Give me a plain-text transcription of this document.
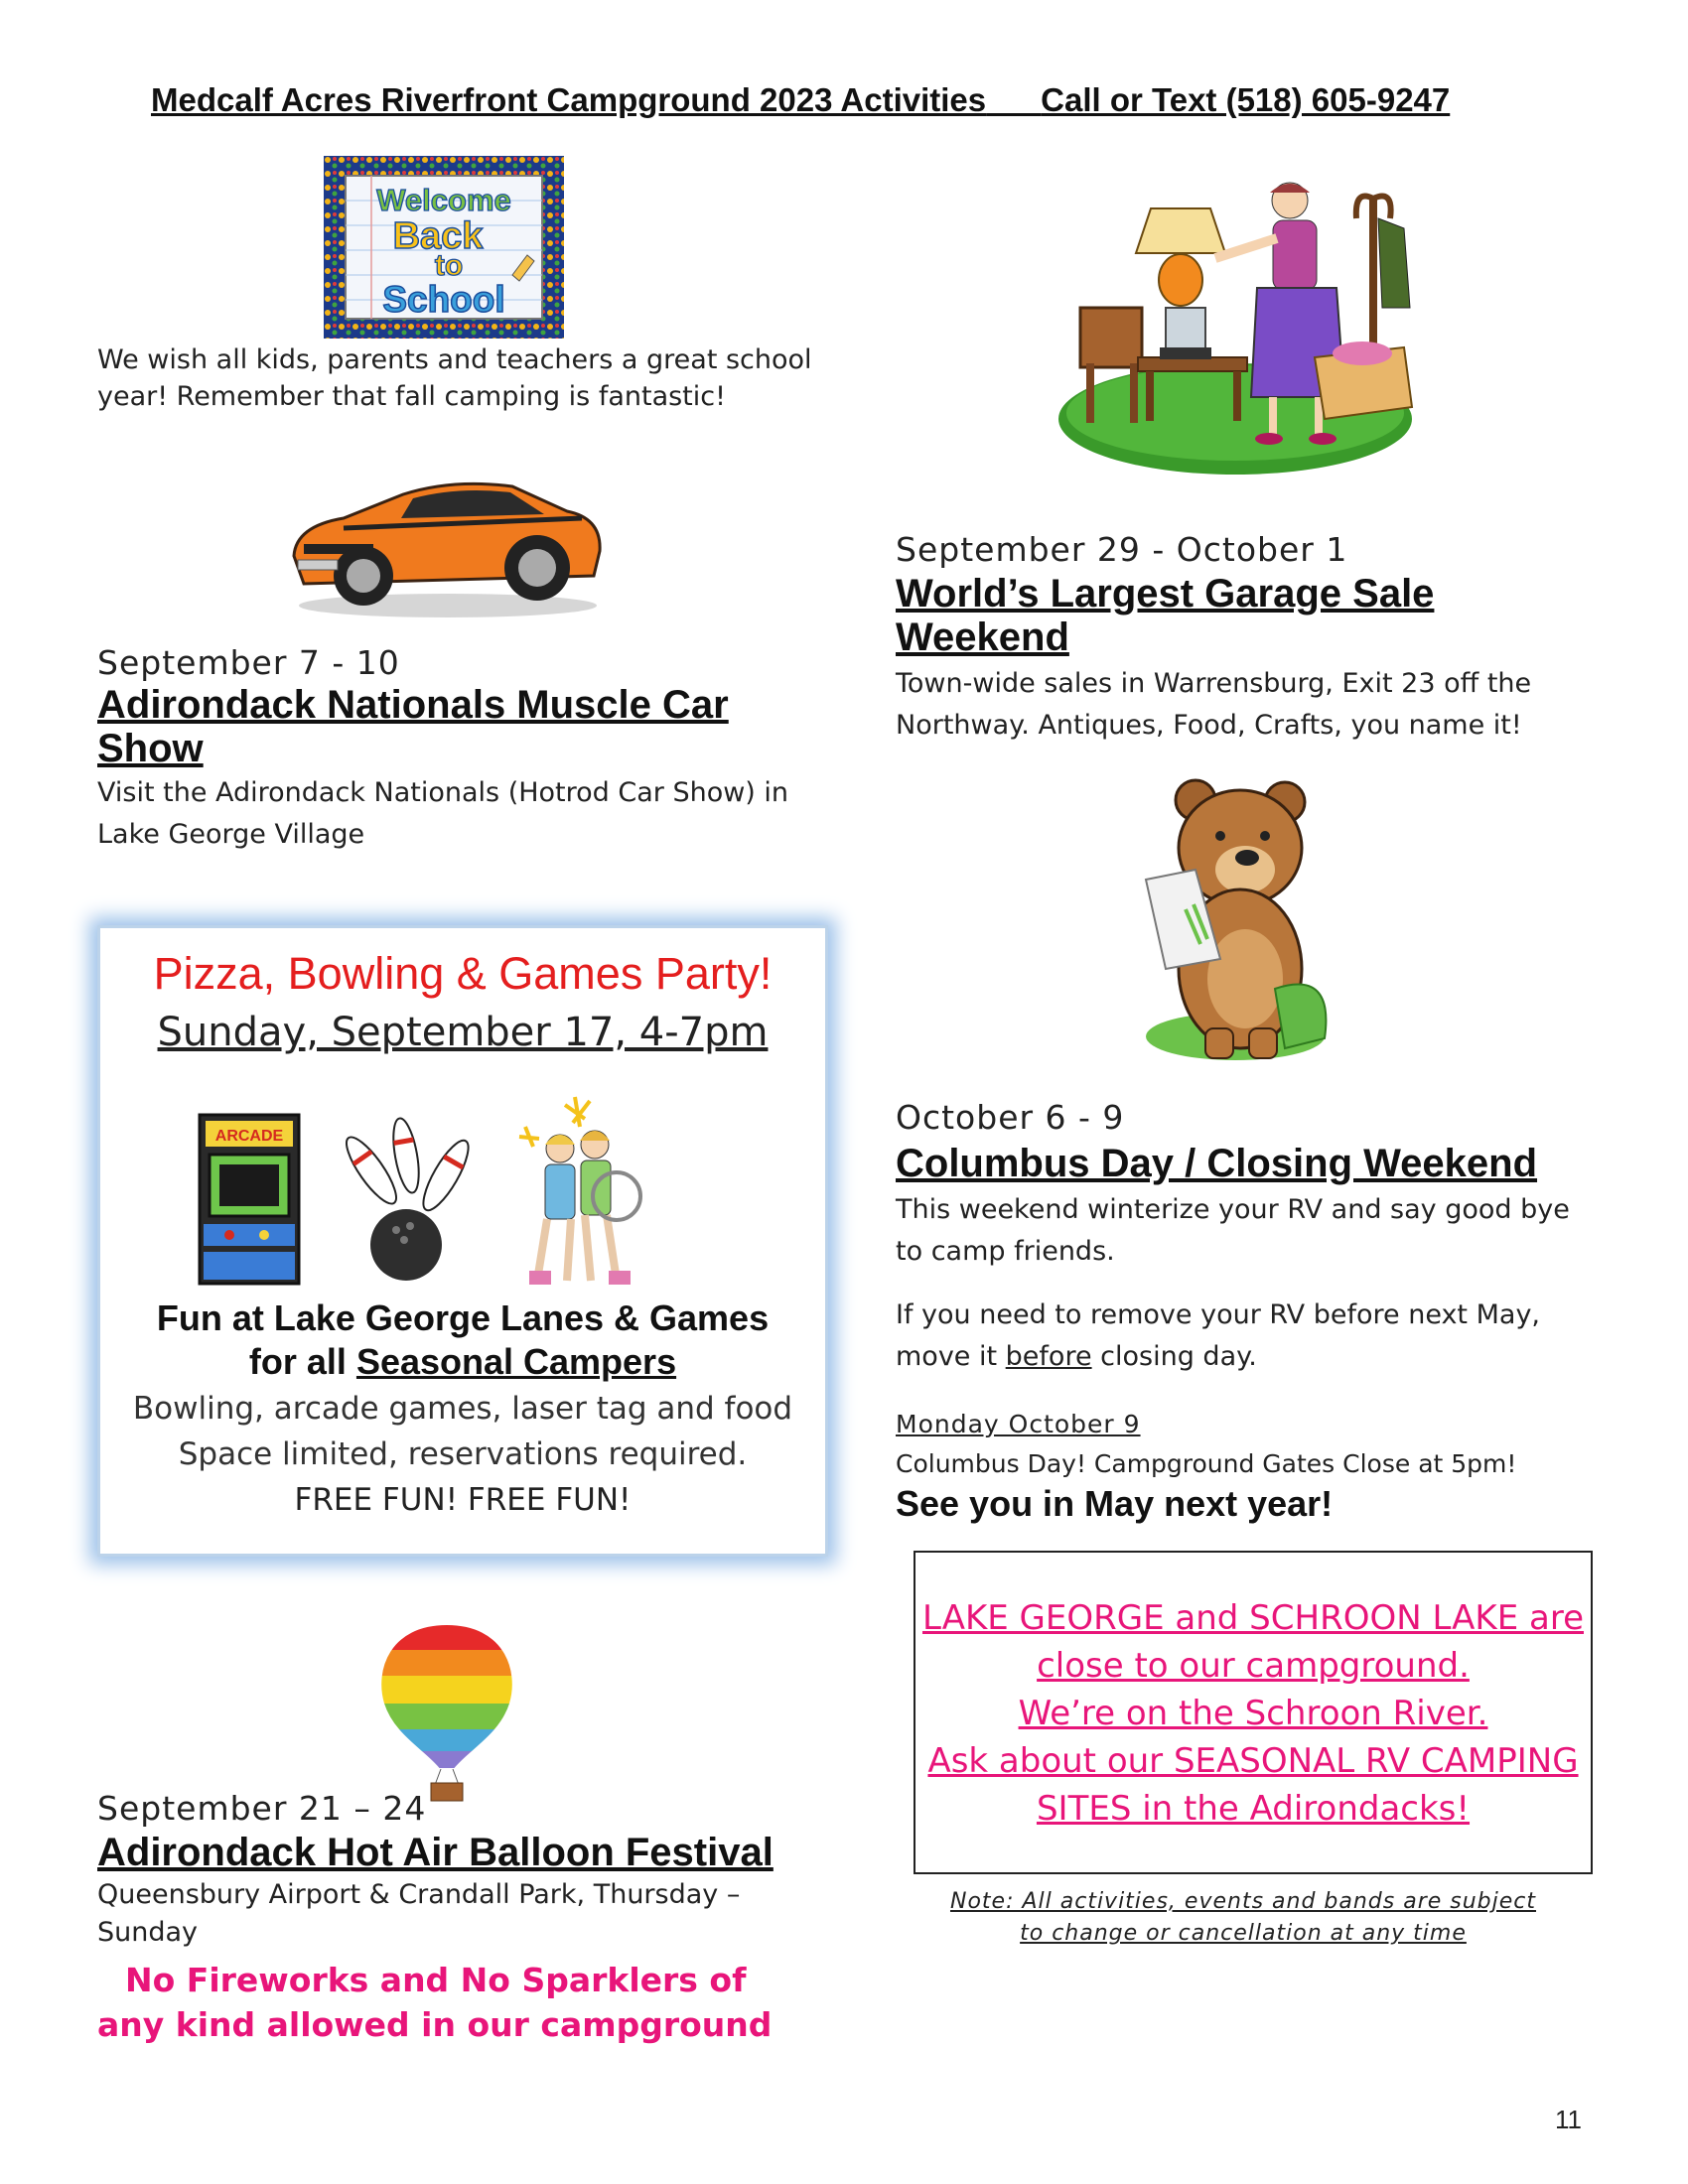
Medcalf Acres Riverfront Campground 2023 Activities Call or Text (518) 605-9247
Welcome
Back
to
School
We wish all kids, parents and teachers a great school year! Remember that fall camping is fantastic!
September 7 - 10
Adirondack Nationals Muscle Car Show
Visit the Adirondack Nationals (Hotrod Car Show) in Lake George Village
Pizza, Bowling & Games Party!
Sunday, September 17, 4-7pm
ARCADE
Fun at Lake George Lanes & Games
for all Seasonal Campers
Bowling, arcade games, laser tag and food
Space limited, reservations required.
FREE FUN! FREE FUN!
September 21 – 24
Adirondack Hot Air Balloon Festival
Queensbury Airport & Crandall Park, Thursday – Sunday
No Fireworks and No Sparklers of
any kind allowed in our campground
September 29 - October 1
World’s Largest Garage Sale Weekend
Town-wide sales in Warrensburg, Exit 23 off the Northway. Antiques, Food, Crafts, you name it!
October 6 - 9
Columbus Day / Closing Weekend
This weekend winterize your RV and say good bye to camp friends.
If you need to remove your RV before next May, move it before closing day.
Monday October 9
Columbus Day! Campground Gates Close at 5pm!
See you in May next year!
LAKE GEORGE and SCHROON LAKE are
close to our campground.
We’re on the Schroon River.
Ask about our SEASONAL RV CAMPING
SITES in the Adirondacks!
Note: All activities, events and bands are subject
to change or cancellation at any time
11
